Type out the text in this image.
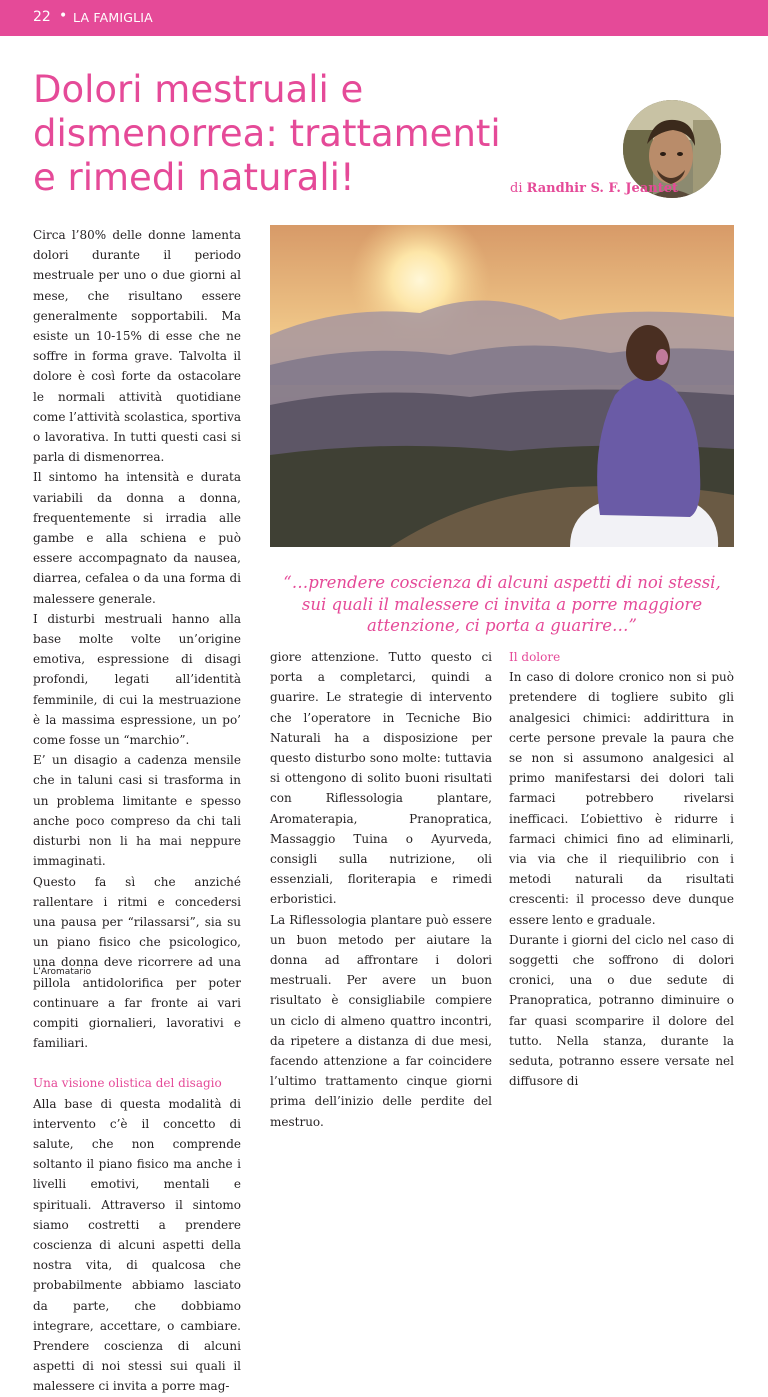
22 • LA FAMIGLIA
Dolori mestruali e
dismenorrea: trattamenti
e rimedi naturali!	di Randhir S. F. Jeantet

Circa l’80% delle donne lamenta dolori durante il periodo mestruale per uno o due giorni al mese, che risultano essere generalmente sopportabili. Ma esiste un 10-15% di esse che ne soffre in forma grave. Talvolta il dolore è così forte da ostacolare le normali attività quotidiane come l’attività scolastica, sportiva o lavorativa. In tutti questi casi si parla di dismenorrea.

Il sintomo ha intensità e durata variabili da donna a donna, frequentemente si irradia alle gambe e alla schiena e può essere accompagnato da nausea, diarrea, cefalea o da una forma di malessere generale.

I disturbi mestruali hanno alla base molte volte un’origine emotiva, espressione di disagi profondi, legati all’identità femminile, di cui la mestruazione è la massima espressione, un po’ come fosse un “marchio”.

E’ un disagio a cadenza mensile che in taluni casi si trasforma in un problema limitante e spesso anche poco compreso da chi tali disturbi non li ha mai neppure immaginati.

Questo fa sì che anziché rallentare i ritmi e concedersi una pausa per “rilassarsi”, sia su un piano fisico che psicologico, una donna deve ricorrere ad una pillola antidolorifica per poter continuare a far fronte ai vari compiti giornalieri, lavorativi e familiari.

Una visione olistica del disagio

Alla base di questa modalità di intervento c’è il concetto di salute, che non comprende soltanto il piano fisico ma anche i livelli emotivi, mentali e spirituali. Attraverso il sintomo siamo costretti a prendere coscienza di alcuni aspetti della nostra vita, di qualcosa che probabilmente abbiamo lasciato da parte, che dobbiamo integrare, accettare, o cambiare. Prendere coscienza di alcuni aspetti di noi stessi sui quali il malessere ci invita a porre mag-

“…prendere coscienza di alcuni aspetti di noi stessi,
sui quali il malessere ci invita a porre maggiore
attenzione, ci porta a guarire…”

giore attenzione. Tutto questo ci porta a completarci, quindi a guarire. Le strategie di intervento che l’operatore in Tecniche Bio Naturali ha a disposizione per questo disturbo sono molte: tuttavia si ottengono di solito buoni risultati con Riflessologia plantare, Aromaterapia, Pranopratica, Massaggio Tuina o Ayurveda, consigli sulla nutrizione, oli essenziali, floriterapia e rimedi erboristici.

La Riflessologia plantare può essere un buon metodo per aiutare la donna ad affrontare i dolori mestruali. Per avere un buon risultato è consigliabile compiere un ciclo di almeno quattro incontri, da ripetere a distanza di due mesi, facendo attenzione a far coincidere l’ultimo trattamento cinque giorni prima dell’inizio delle perdite del mestruo.

Il dolore

In caso di dolore cronico non si può pretendere di togliere subito gli analgesici chimici: addirittura in certe persone prevale la paura che se non si assumono analgesici al primo manifestarsi dei dolori tali farmaci potrebbero rivelarsi inefficaci. L’obiettivo è ridurre i farmaci chimici fino ad eliminarli, via via che il riequilibrio con i metodi naturali da risultati crescenti: il processo deve dunque essere lento e graduale.

Durante i giorni del ciclo nel caso di soggetti che soffrono di dolori cronici, una o due sedute di Pranopratica, potranno diminuire o far quasi scomparire il dolore del tutto. Nella stanza, durante la seduta, potranno essere versate nel diffusore di

L’Aromatario
